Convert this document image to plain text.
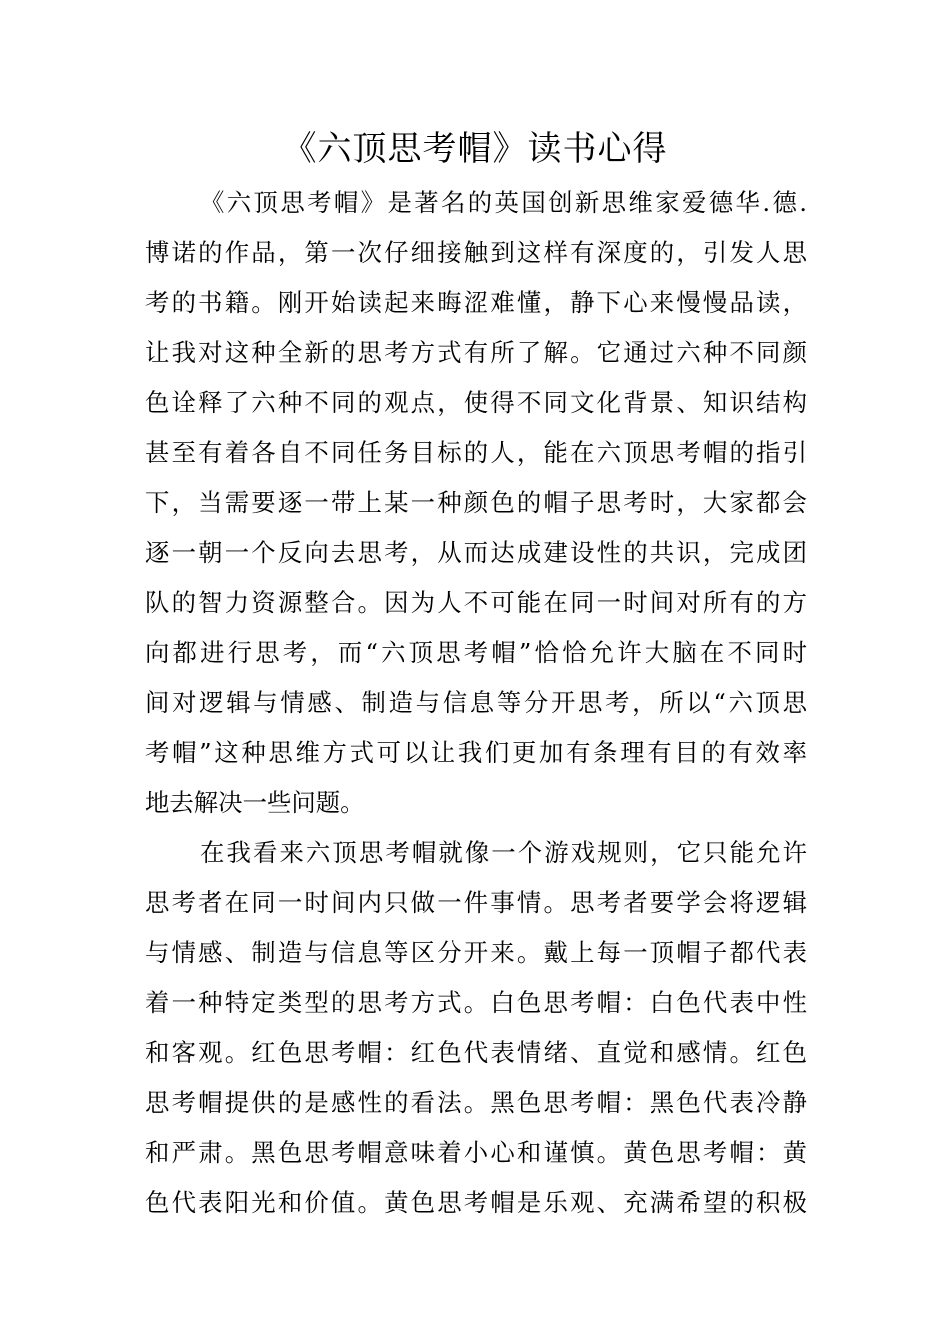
《六顶思考帽》读书心得
《六顶思考帽》是著名的英国创新思维家爱德华.德.
博诺的作品，第一次仔细接触到这样有深度的，引发人思
考的书籍。刚开始读起来晦涩难懂，静下心来慢慢品读，
让我对这种全新的思考方式有所了解。它通过六种不同颜
色诠释了六种不同的观点，使得不同文化背景、知识结构
甚至有着各自不同任务目标的人，能在六顶思考帽的指引
下，当需要逐一带上某一种颜色的帽子思考时，大家都会
逐一朝一个反向去思考，从而达成建设性的共识，完成团
队的智力资源整合。因为人不可能在同一时间对所有的方
向都进行思考，而“六顶思考帽”恰恰允许大脑在不同时
间对逻辑与情感、制造与信息等分开思考，所以“六顶思
考帽”这种思维方式可以让我们更加有条理有目的有效率
地去解决一些问题。
在我看来六顶思考帽就像一个游戏规则，它只能允许
思考者在同一时间内只做一件事情。思考者要学会将逻辑
与情感、制造与信息等区分开来。戴上每一顶帽子都代表
着一种特定类型的思考方式。白色思考帽：白色代表中性
和客观。红色思考帽：红色代表情绪、直觉和感情。红色
思考帽提供的是感性的看法。黑色思考帽：黑色代表冷静
和严肃。黑色思考帽意味着小心和谨慎。黄色思考帽：黄
色代表阳光和价值。黄色思考帽是乐观、充满希望的积极
